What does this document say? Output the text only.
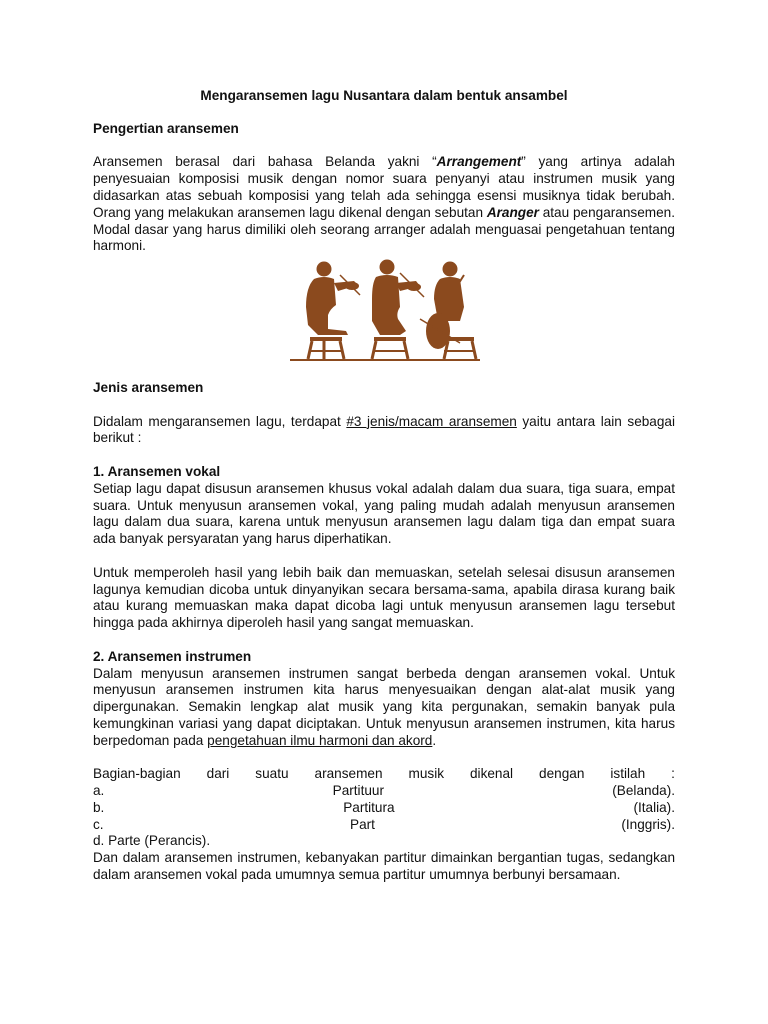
Mengaransemen lagu Nusantara dalam bentuk ansambel
Pengertian aransemen

Aransemen berasal dari bahasa Belanda yakni “Arrangement” yang artinya adalah penyesuaian komposisi musik dengan nomor suara penyanyi atau instrumen musik yang didasarkan atas sebuah komposisi yang telah ada sehingga esensi musiknya tidak berubah. Orang yang melakukan aransemen lagu dikenal dengan sebutan Aranger atau pengaransemen. Modal dasar yang harus dimiliki oleh seorang arranger adalah menguasai pengetahuan tentang harmoni.

Jenis aransemen

Didalam mengaransemen lagu, terdapat #3 jenis/macam aransemen yaitu antara lain sebagai berikut :

1. Aransemen vokal

Setiap lagu dapat disusun aransemen khusus vokal adalah dalam dua suara, tiga suara, empat suara. Untuk menyusun aransemen vokal, yang paling mudah adalah menyusun aransemen lagu dalam dua suara, karena untuk menyusun aransemen lagu dalam tiga dan empat suara ada banyak persyaratan yang harus diperhatikan.

Untuk memperoleh hasil yang lebih baik dan memuaskan, setelah selesai disusun aransemen lagunya kemudian dicoba untuk dinyanyikan secara bersama-sama, apabila dirasa kurang baik atau kurang memuaskan maka dapat dicoba lagi untuk menyusun aransemen lagu tersebut hingga pada akhirnya diperoleh hasil yang sangat memuaskan.

2. Aransemen instrumen

Dalam menyusun aransemen instrumen sangat berbeda dengan aransemen vokal. Untuk menyusun aransemen instrumen kita harus menyesuaikan dengan alat-alat musik yang dipergunakan. Semakin lengkap alat musik yang kita pergunakan, semakin banyak pula kemungkinan variasi yang dapat diciptakan. Untuk menyusun aransemen instrumen, kita harus berpedoman pada pengetahuan ilmu harmoni dan akord.

Bagian-bagian dari suatu aransemen musik dikenal dengan istilah :
a.	Partituur	(Belanda).
b.	Partitura	(Italia).
c.	Part	(Inggris).
d. Parte (Perancis).

Dan dalam aransemen instrumen, kebanyakan partitur dimainkan bergantian tugas, sedangkan dalam aransemen vokal pada umumnya semua partitur umumnya berbunyi bersamaan.
